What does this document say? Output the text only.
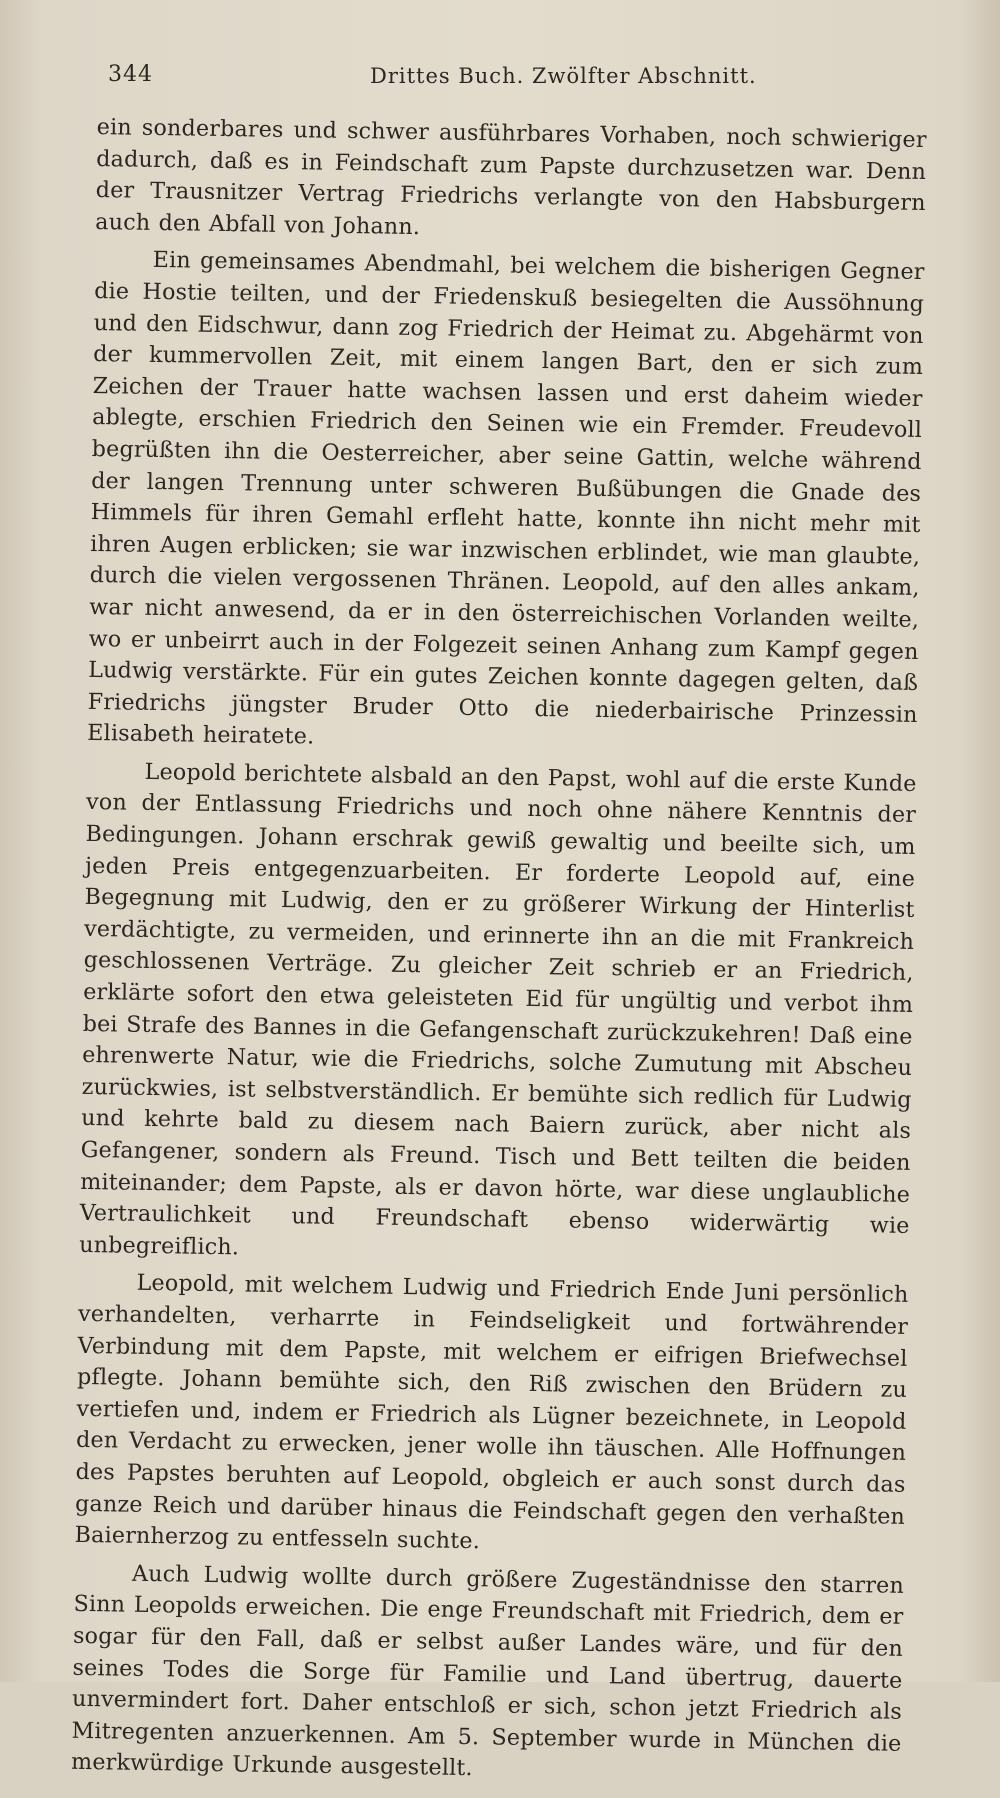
344	Drittes Buch. Zwölfter Abschnitt.

ein sonderbares und schwer ausführbares Vorhaben, noch schwieriger dadurch, daß es in Feindschaft zum Papste durchzusetzen war. Denn der Trausnitzer Vertrag Friedrichs verlangte von den Habsburgern auch den Abfall von Johann.

Ein gemeinsames Abendmahl, bei welchem die bisherigen Gegner die Hostie teilten, und der Friedenskuß besiegelten die Aussöhnung und den Eidschwur, dann zog Friedrich der Heimat zu. Abgehärmt von der kummervollen Zeit, mit einem langen Bart, den er sich zum Zeichen der Trauer hatte wachsen lassen und erst daheim wieder ablegte, erschien Friedrich den Seinen wie ein Fremder. Freudevoll begrüßten ihn die Oesterreicher, aber seine Gattin, welche während der langen Trennung unter schweren Bußübungen die Gnade des Himmels für ihren Gemahl erfleht hatte, konnte ihn nicht mehr mit ihren Augen erblicken; sie war inzwischen erblindet, wie man glaubte, durch die vielen vergossenen Thränen. Leopold, auf den alles ankam, war nicht anwesend, da er in den österreichischen Vorlanden weilte, wo er unbeirrt auch in der Folgezeit seinen Anhang zum Kampf gegen Ludwig verstärkte. Für ein gutes Zeichen konnte dagegen gelten, daß Friedrichs jüngster Bruder Otto die niederbairische Prinzessin Elisabeth heiratete.

Leopold berichtete alsbald an den Papst, wohl auf die erste Kunde von der Entlassung Friedrichs und noch ohne nähere Kenntnis der Bedingungen. Johann erschrak gewiß gewaltig und beeilte sich, um jeden Preis entgegenzuarbeiten. Er forderte Leopold auf, eine Begegnung mit Ludwig, den er zu größerer Wirkung der Hinterlist verdächtigte, zu vermeiden, und erinnerte ihn an die mit Frankreich geschlossenen Verträge. Zu gleicher Zeit schrieb er an Friedrich, erklärte sofort den etwa geleisteten Eid für ungültig und verbot ihm bei Strafe des Bannes in die Gefangenschaft zurückzukehren! Daß eine ehrenwerte Natur, wie die Friedrichs, solche Zumutung mit Abscheu zurückwies, ist selbstverständlich. Er bemühte sich redlich für Ludwig und kehrte bald zu diesem nach Baiern zurück, aber nicht als Gefangener, sondern als Freund. Tisch und Bett teilten die beiden miteinander; dem Papste, als er davon hörte, war diese unglaubliche Vertraulichkeit und Freundschaft ebenso widerwärtig wie unbegreiflich.

Leopold, mit welchem Ludwig und Friedrich Ende Juni persönlich verhandelten, verharrte in Feindseligkeit und fortwährender Verbindung mit dem Papste, mit welchem er eifrigen Briefwechsel pflegte. Johann bemühte sich, den Riß zwischen den Brüdern zu vertiefen und, indem er Friedrich als Lügner bezeichnete, in Leopold den Verdacht zu erwecken, jener wolle ihn täuschen. Alle Hoffnungen des Papstes beruhten auf Leopold, obgleich er auch sonst durch das ganze Reich und darüber hinaus die Feindschaft gegen den verhaßten Baiernherzog zu entfesseln suchte.

Auch Ludwig wollte durch größere Zugeständnisse den starren Sinn Leopolds erweichen. Die enge Freundschaft mit Friedrich, dem er sogar für den Fall, daß er selbst außer Landes wäre, und für den seines Todes die Sorge für Familie und Land übertrug, dauerte unvermindert fort. Daher entschloß er sich, schon jetzt Friedrich als Mitregenten anzuerkennen. Am 5. September wurde in München die merkwürdige Urkunde ausgestellt.
